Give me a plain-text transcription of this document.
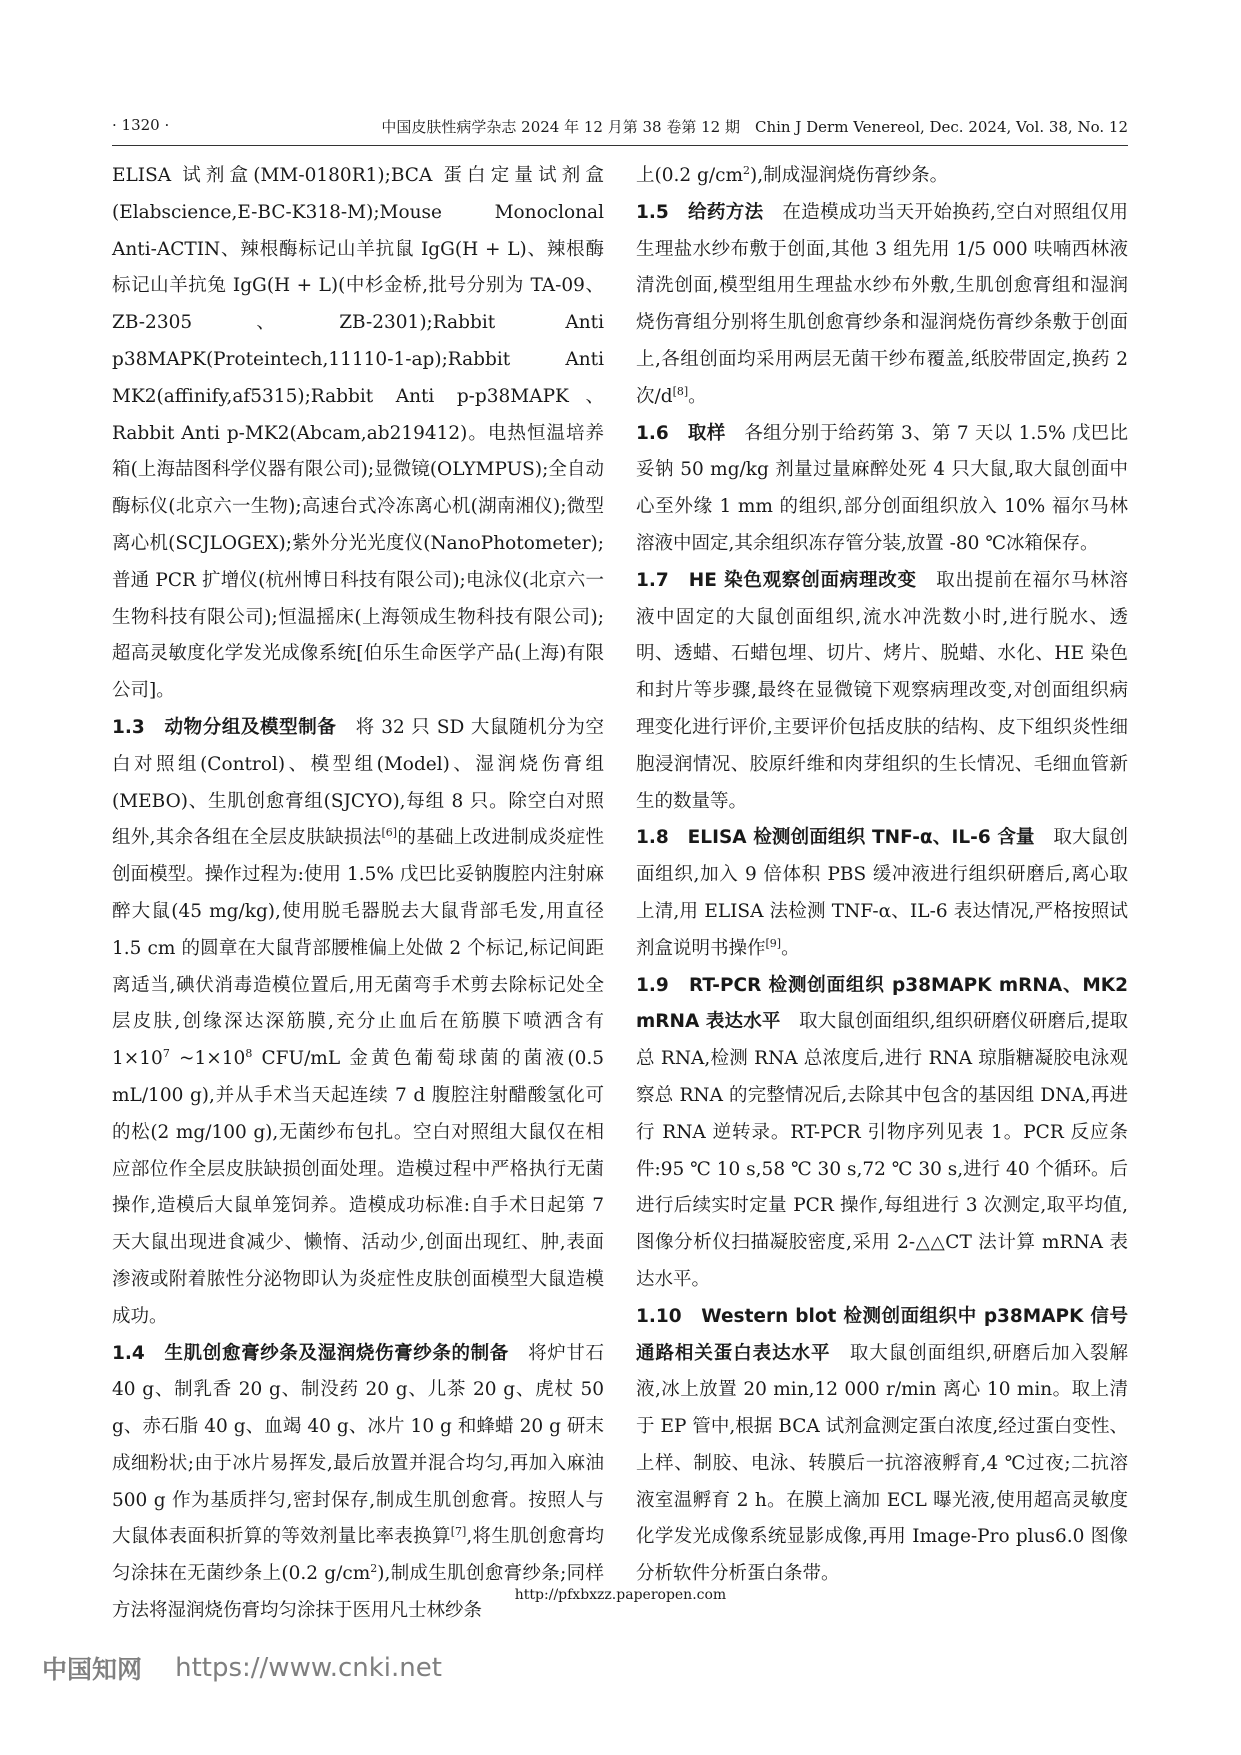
· 1320 ·	中国皮肤性病学杂志 2024 年 12 月第 38 卷第 12 期　Chin J Derm Venereol, Dec. 2024, Vol. 38, No. 12

ELISA 试剂盒(MM-0180R1);BCA 蛋白定量试剂盒(Elabscience,E-BC-K318-M);Mouse Monoclonal Anti-ACTIN、辣根酶标记山羊抗鼠 IgG(H + L)、辣根酶标记山羊抗兔 IgG(H + L)(中杉金桥,批号分别为 TA-09、ZB-2305、ZB-2301);Rabbit Anti p38MAPK(Proteintech,11110-1-ap);Rabbit Anti MK2(affinify,af5315);Rabbit Anti p-p38MAPK、Rabbit Anti p-MK2(Abcam,ab219412)。电热恒温培养箱(上海喆图科学仪器有限公司);显微镜(OLYMPUS);全自动酶标仪(北京六一生物);高速台式冷冻离心机(湖南湘仪);微型离心机(SCJLOGEX);紫外分光光度仪(NanoPhotometer);普通 PCR 扩增仪(杭州博日科技有限公司);电泳仪(北京六一生物科技有限公司);恒温摇床(上海领成生物科技有限公司);超高灵敏度化学发光成像系统[伯乐生命医学产品(上海)有限公司]。

1.3　动物分组及模型制备　将 32 只 SD 大鼠随机分为空白对照组(Control)、模型组(Model)、湿润烧伤膏组(MEBO)、生肌创愈膏组(SJCYO),每组 8 只。除空白对照组外,其余各组在全层皮肤缺损法[6]的基础上改进制成炎症性创面模型。操作过程为:使用 1.5% 戊巴比妥钠腹腔内注射麻醉大鼠(45 mg/kg),使用脱毛器脱去大鼠背部毛发,用直径 1.5 cm 的圆章在大鼠背部腰椎偏上处做 2 个标记,标记间距离适当,碘伏消毒造模位置后,用无菌弯手术剪去除标记处全层皮肤,创缘深达深筋膜,充分止血后在筋膜下喷洒含有 $1\times 10^7$ $\sim 1\times 10^8$ CFU/mL 金黄色葡萄球菌的菌液(0.5 mL/100 g),并从手术当天起连续 7 d 腹腔注射醋酸氢化可的松(2 mg/100 g),无菌纱布包扎。空白对照组大鼠仅在相应部位作全层皮肤缺损创面处理。造模过程中严格执行无菌操作,造模后大鼠单笼饲养。造模成功标准:自手术日起第 7 天大鼠出现进食减少、懒惰、活动少,创面出现红、肿,表面渗液或附着脓性分泌物即认为炎症性皮肤创面模型大鼠造模成功。

1.4　生肌创愈膏纱条及湿润烧伤膏纱条的制备　将炉甘石 40 g、制乳香 20 g、制没药 20 g、儿茶 20 g、虎杖 50 g、赤石脂 40 g、血竭 40 g、冰片 10 g 和蜂蜡 20 g 研末成细粉状;由于冰片易挥发,最后放置并混合均匀,再加入麻油 500 g 作为基质拌匀,密封保存,制成生肌创愈膏。按照人与大鼠体表面积折算的等效剂量比率表换算[7],将生肌创愈膏均匀涂抹在无菌纱条上(0.2 $g/cm^2$),制成生肌创愈膏纱条;同样方法将湿润烧伤膏均匀涂抹于医用凡士林纱条

上(0.2 $g/cm^2$),制成湿润烧伤膏纱条。

1.5　给药方法　在造模成功当天开始换药,空白对照组仅用生理盐水纱布敷于创面,其他 3 组先用 1/5 000 呋喃西林液清洗创面,模型组用生理盐水纱布外敷,生肌创愈膏组和湿润烧伤膏组分别将生肌创愈膏纱条和湿润烧伤膏纱条敷于创面上,各组创面均采用两层无菌干纱布覆盖,纸胶带固定,换药 2 次/d[8]。

1.6　取样　各组分别于给药第 3、第 7 天以 1.5% 戊巴比妥钠 50 mg/kg 剂量过量麻醉处死 4 只大鼠,取大鼠创面中心至外缘 1 mm 的组织,部分创面组织放入 10% 福尔马林溶液中固定,其余组织冻存管分装,放置 -80 ℃冰箱保存。

1.7　HE 染色观察创面病理改变　取出提前在福尔马林溶液中固定的大鼠创面组织,流水冲洗数小时,进行脱水、透明、透蜡、石蜡包埋、切片、烤片、脱蜡、水化、HE 染色和封片等步骤,最终在显微镜下观察病理改变,对创面组织病理变化进行评价,主要评价包括皮肤的结构、皮下组织炎性细胞浸润情况、胶原纤维和肉芽组织的生长情况、毛细血管新生的数量等。

1.8　ELISA 检测创面组织 TNF-α、IL-6 含量　取大鼠创面组织,加入 9 倍体积 PBS 缓冲液进行组织研磨后,离心取上清,用 ELISA 法检测 TNF-α、IL-6 表达情况,严格按照试剂盒说明书操作[9]。

1.9　RT-PCR 检测创面组织 p38MAPK mRNA、MK2 mRNA 表达水平　取大鼠创面组织,组织研磨仪研磨后,提取总 RNA,检测 RNA 总浓度后,进行 RNA 琼脂糖凝胶电泳观察总 RNA 的完整情况后,去除其中包含的基因组 DNA,再进行 RNA 逆转录。RT-PCR 引物序列见表 1。PCR 反应条件:95 ℃ 10 s,58 ℃ 30 s,72 ℃ 30 s,进行 40 个循环。后进行后续实时定量 PCR 操作,每组进行 3 次测定,取平均值,图像分析仪扫描凝胶密度,采用 2-△△CT 法计算 mRNA 表达水平。

1.10　Western blot 检测创面组织中 p38MAPK 信号通路相关蛋白表达水平　取大鼠创面组织,研磨后加入裂解液,冰上放置 20 min,12 000 r/min 离心 10 min。取上清于 EP 管中,根据 BCA 试剂盒测定蛋白浓度,经过蛋白变性、上样、制胶、电泳、转膜后一抗溶液孵育,4 ℃过夜;二抗溶液室温孵育 2 h。在膜上滴加 ECL 曝光液,使用超高灵敏度化学发光成像系统显影成像,再用 Image-Pro plus6.0 图像分析软件分析蛋白条带。

http://pfxbxzz.paperopen.com
中国知网 https://www.cnki.net
